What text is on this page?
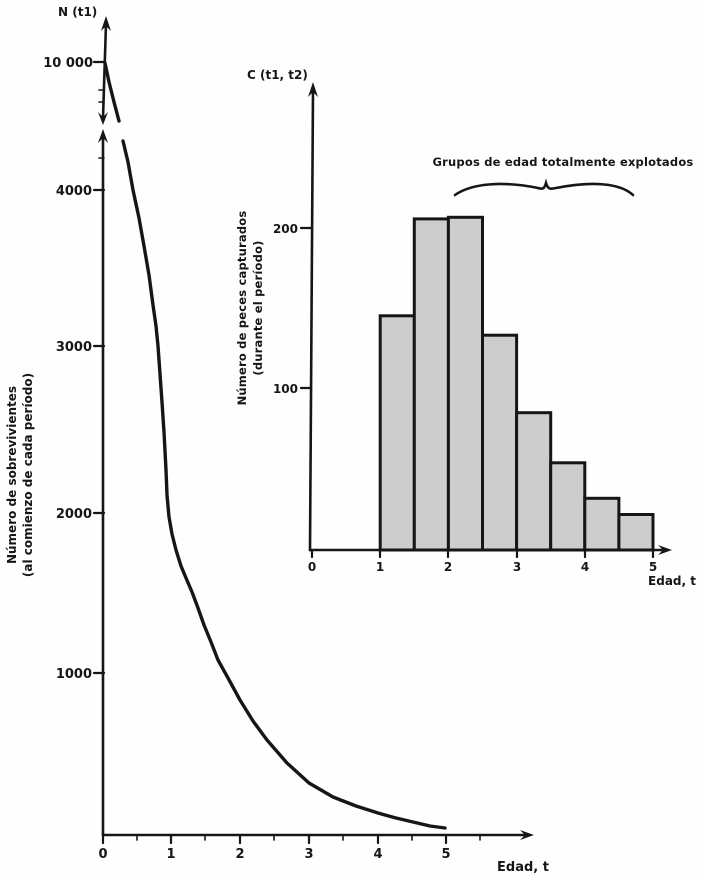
N (t1)
10 000
4000
3000
2000
1000
0	1	2	3	4	5
Edad, t
Número de sobrevivientes (al comienzo de cada período)
C (t1, t2)
200
100
0	1	2	3	4	5
Edad, t
Número de peces capturados (durante el período)
Grupos de edad totalmente explotados
